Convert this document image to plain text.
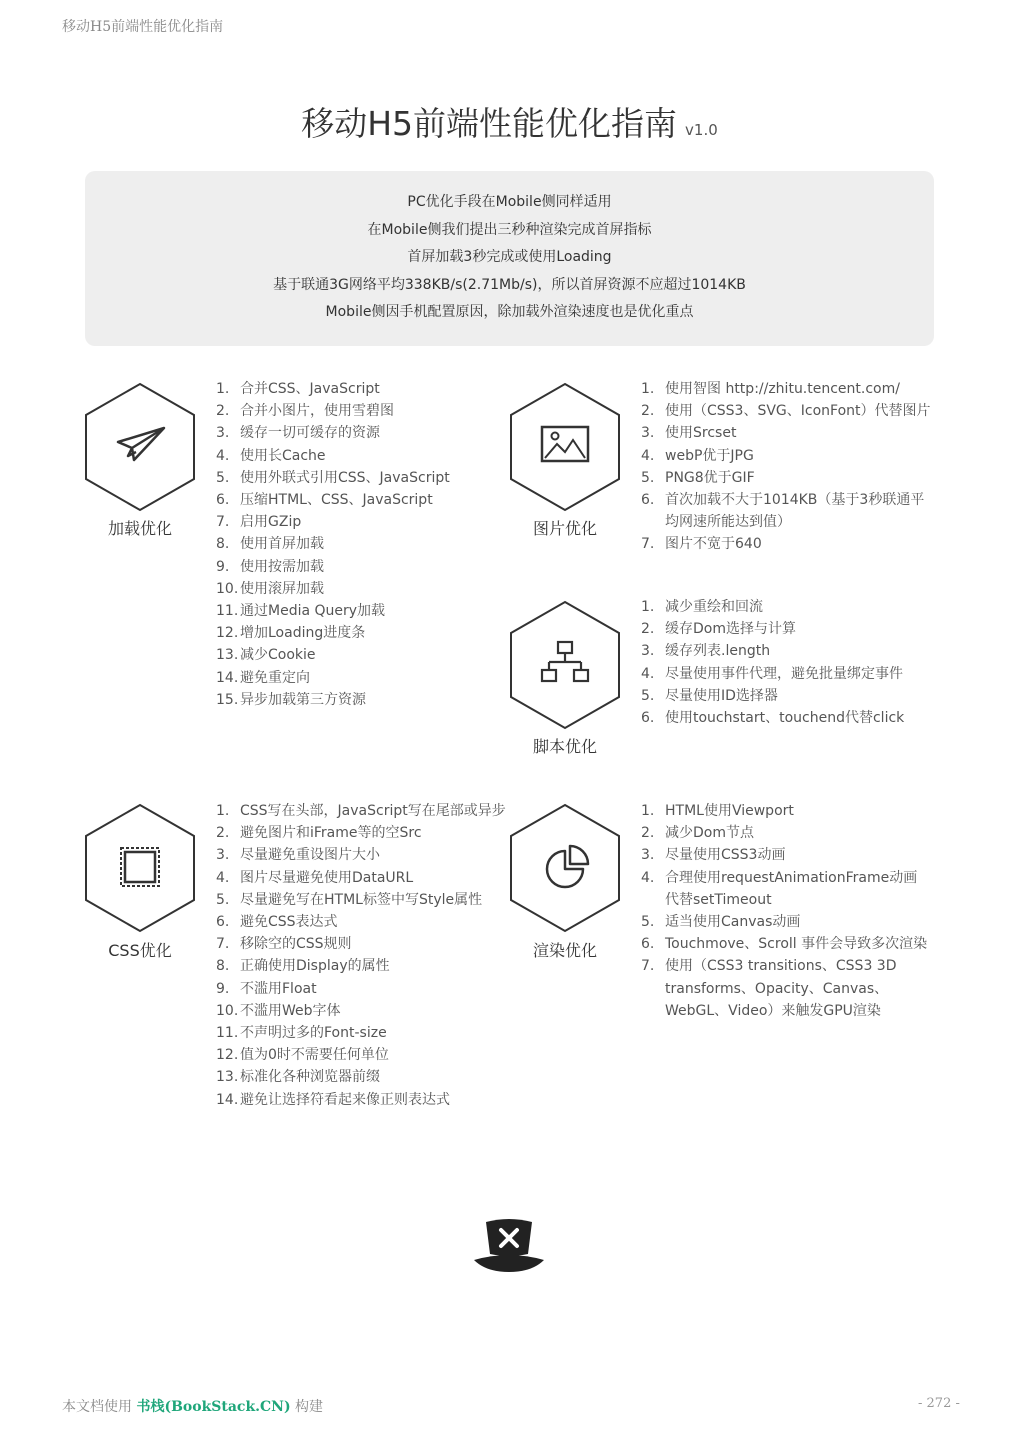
移动H5前端性能优化指南
移动H5前端性能优化指南 v1.0
PC优化手段在Mobile侧同样适用
在Mobile侧我们提出三秒种渲染完成首屏指标
首屏加载3秒完成或使用Loading
基于联通3G网络平均338KB/s(2.71Mb/s)，所以首屏资源不应超过1014KB
Mobile侧因手机配置原因，除加载外渲染速度也是优化重点
加载优化
1. 合并CSS、JavaScript
2. 合并小图片，使用雪碧图
3. 缓存一切可缓存的资源
4. 使用长Cache
5. 使用外联式引用CSS、JavaScript
6. 压缩HTML、CSS、JavaScript
7. 启用GZip
8. 使用首屏加载
9. 使用按需加载
10. 使用滚屏加载
11. 通过Media Query加载
12. 增加Loading进度条
13. 减少Cookie
14. 避免重定向
15. 异步加载第三方资源
图片优化
1. 使用智图 http://zhitu.tencent.com/
2. 使用（CSS3、SVG、IconFont）代替图片
3. 使用Srcset
4. webP优于JPG
5. PNG8优于GIF
6. 首次加载不大于1014KB（基于3秒联通平均网速所能达到值）
7. 图片不宽于640
脚本优化
1. 减少重绘和回流
2. 缓存Dom选择与计算
3. 缓存列表.length
4. 尽量使用事件代理，避免批量绑定事件
5. 尽量使用ID选择器
6. 使用touchstart、touchend代替click
CSS优化
1. CSS写在头部，JavaScript写在尾部或异步
2. 避免图片和iFrame等的空Src
3. 尽量避免重设图片大小
4. 图片尽量避免使用DataURL
5. 尽量避免写在HTML标签中写Style属性
6. 避免CSS表达式
7. 移除空的CSS规则
8. 正确使用Display的属性
9. 不滥用Float
10. 不滥用Web字体
11. 不声明过多的Font-size
12. 值为0时不需要任何单位
13. 标准化各种浏览器前缀
14. 避免让选择符看起来像正则表达式
渲染优化
1. HTML使用Viewport
2. 减少Dom节点
3. 尽量使用CSS3动画
4. 合理使用requestAnimationFrame动画代替setTimeout
5. 适当使用Canvas动画
6. Touchmove、Scroll 事件会导致多次渲染
7. 使用（CSS3 transitions、CSS3 3D transforms、Opacity、Canvas、WebGL、Video）来触发GPU渲染
本文档使用 书栈(BookStack.CN) 构建	- 272 -
